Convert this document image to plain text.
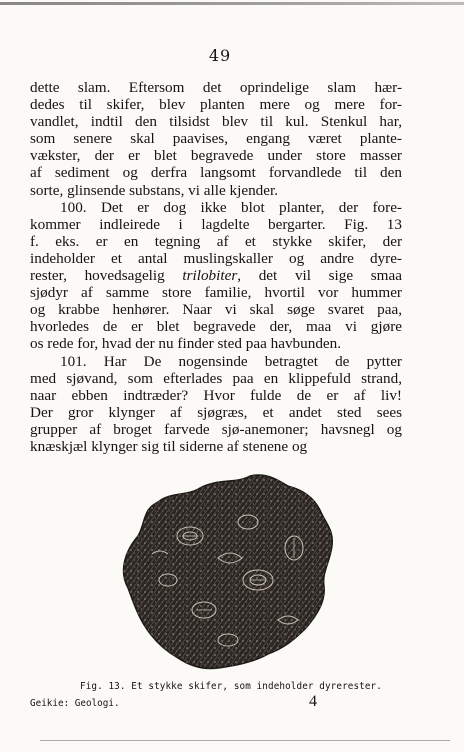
49
dette slam. Eftersom det oprindelige slam hær-
dedes til skifer, blev planten mere og mere for-
vandlet, indtil den tilsidst blev til kul. Stenkul har,
som senere skal paavises, engang været plante-
vækster, der er blet begravede under store masser
af sediment og derfra langsomt forvandlede til den
sorte, glinsende substans, vi alle kjender.
100. Det er dog ikke blot planter, der fore-
kommer indleirede i lagdelte bergarter. Fig. 13
f. eks. er en tegning af et stykke skifer, der
indeholder et antal muslingskaller og andre dyre-
rester, hovedsagelig trilobiter, det vil sige smaa
sjødyr af samme store familie, hvortil vor hummer
og krabbe henhører. Naar vi skal søge svaret paa,
hvorledes de er blet begravede der, maa vi gjøre
os rede for, hvad der nu finder sted paa havbunden.
101. Har De nogensinde betragtet de pytter
med sjøvand, som efterlades paa en klippefuld strand,
naar ebben indtræder? Hvor fulde de er af liv!
Der gror klynger af sjøgræs, et andet sted sees
grupper af broget farvede sjø-anemoner; havsnegl og
knæskjæl klynger sig til siderne af stenene og
Fig. 13. Et stykke skifer, som indeholder dyrerester.
Geikie: Geologi.	4
